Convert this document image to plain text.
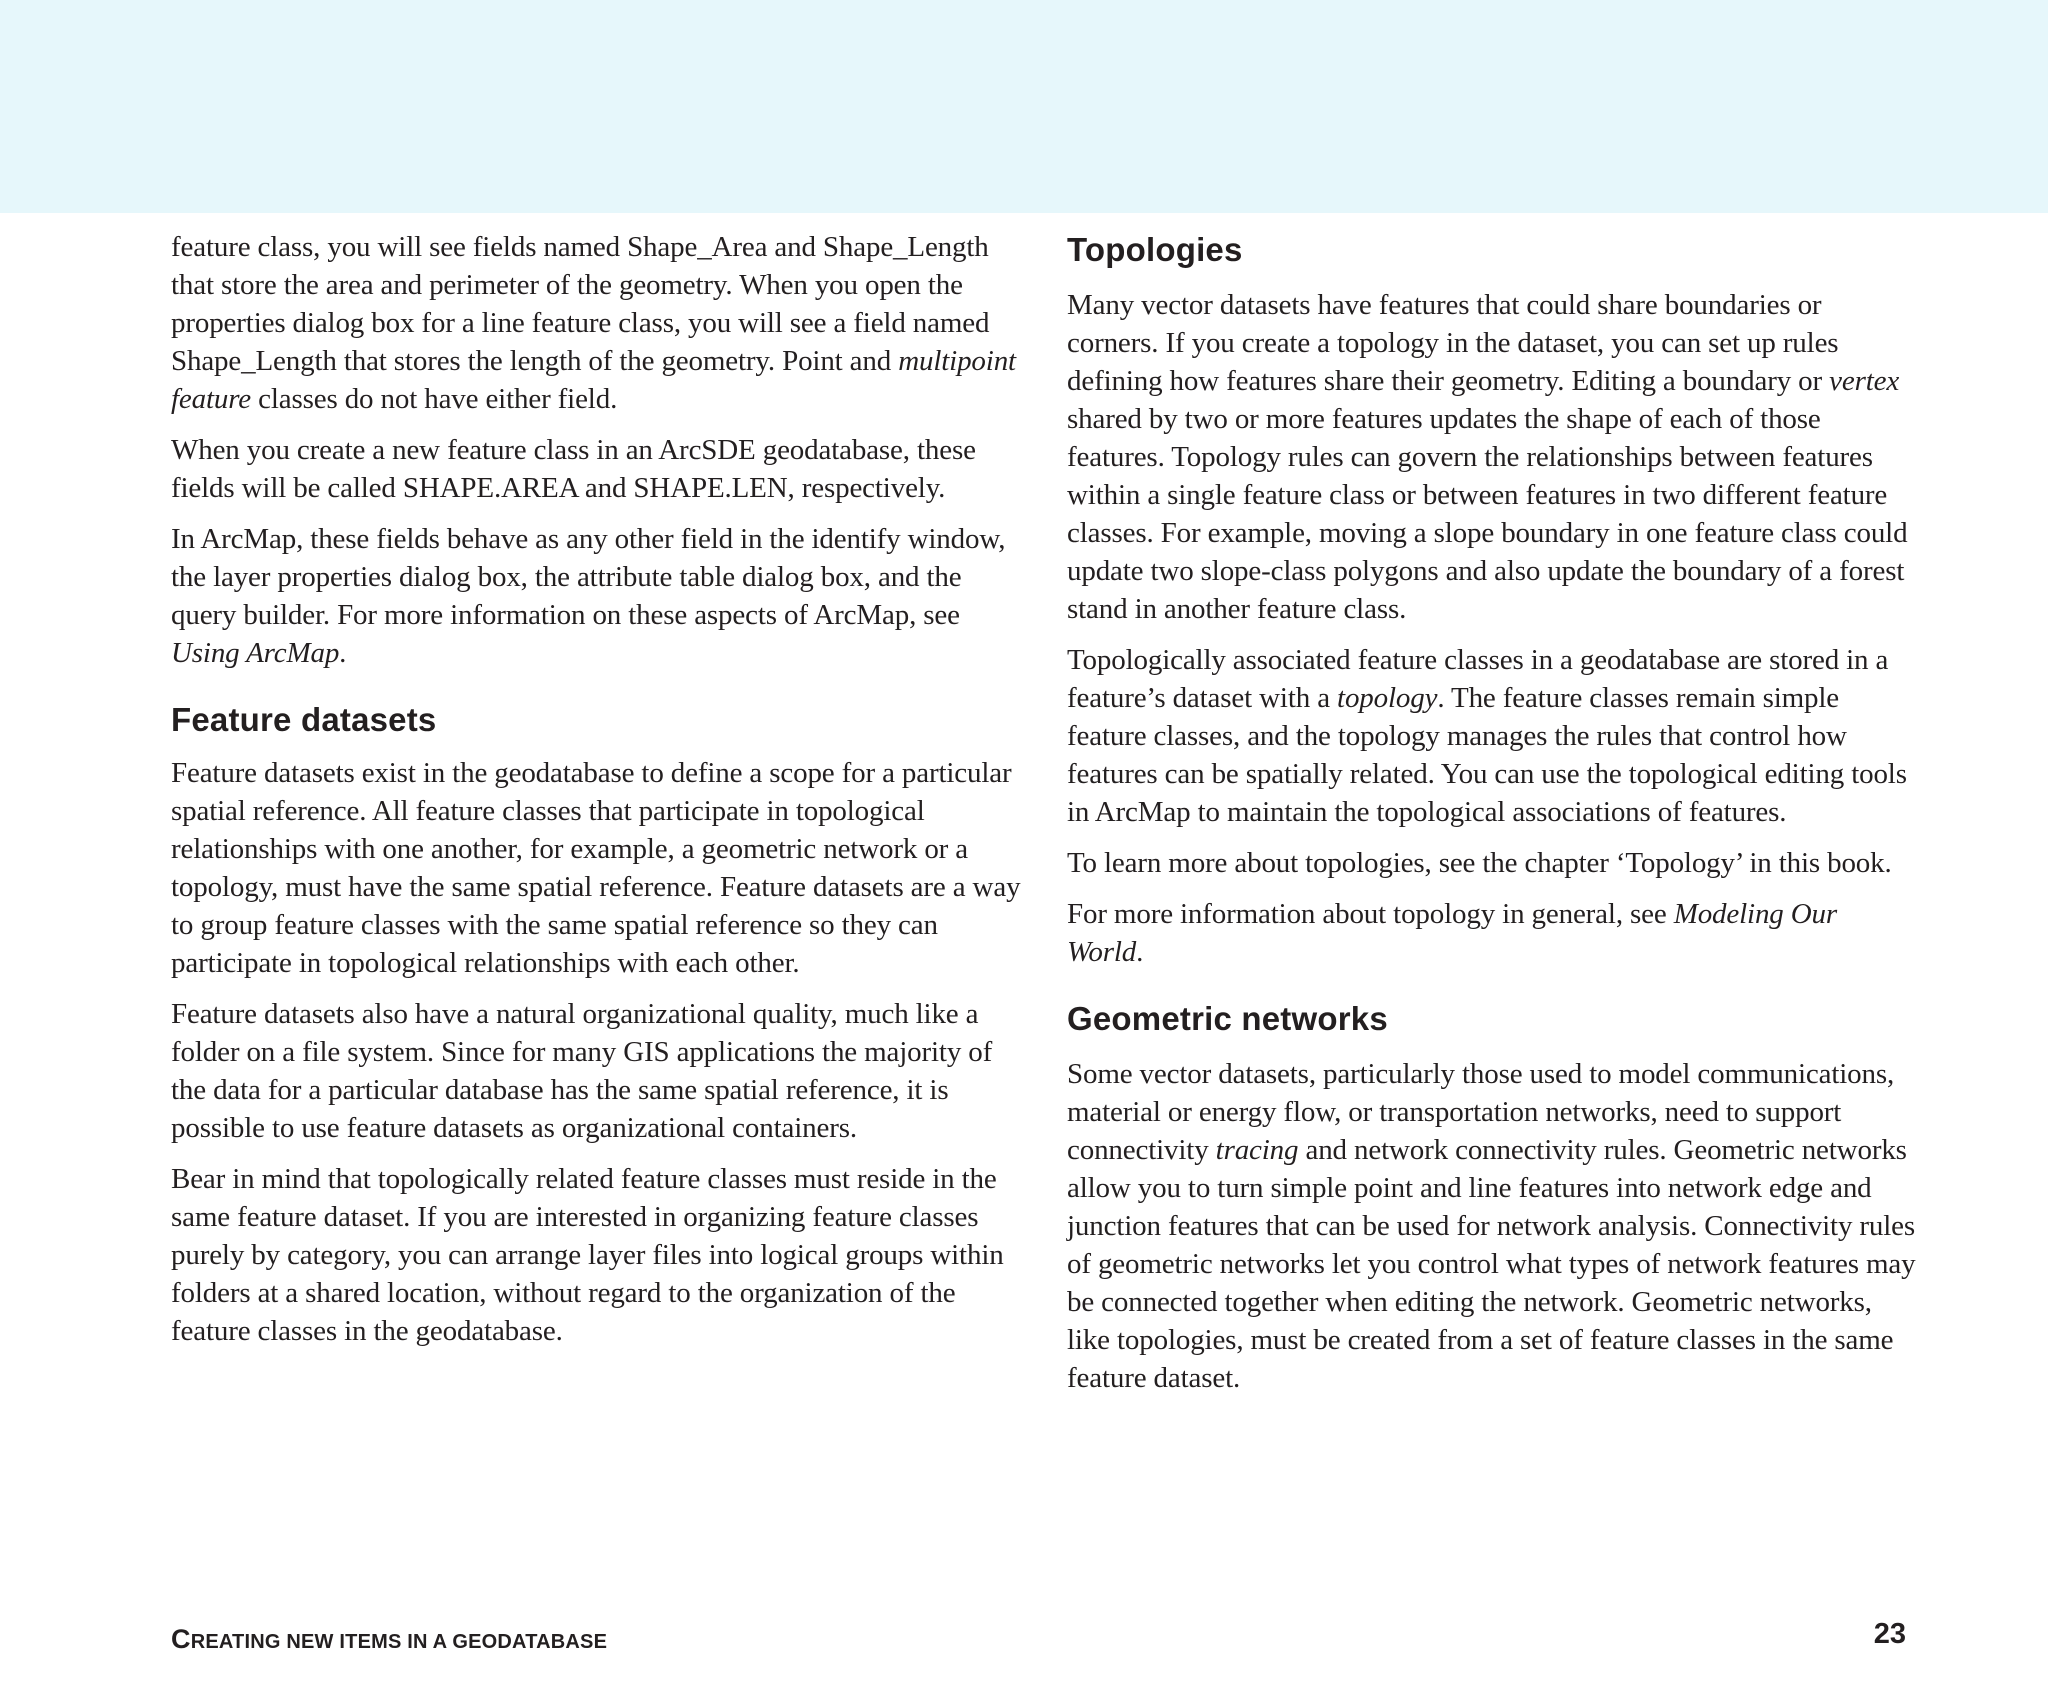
feature class, you will see fields named Shape_Area and Shape_Length that store the area and perimeter of the geometry. When you open the properties dialog box for a line feature class, you will see a field named Shape_Length that stores the length of the geometry. Point and multipoint feature classes do not have either field.

When you create a new feature class in an ArcSDE geodatabase, these fields will be called SHAPE.AREA and SHAPE.LEN, respectively.

In ArcMap, these fields behave as any other field in the identify window, the layer properties dialog box, the attribute table dialog box, and the query builder. For more information on these aspects of ArcMap, see Using ArcMap.

Feature datasets

Feature datasets exist in the geodatabase to define a scope for a particular spatial reference. All feature classes that participate in topological relationships with one another, for example, a geometric network or a topology, must have the same spatial reference. Feature datasets are a way to group feature classes with the same spatial reference so they can participate in topological relationships with each other.

Feature datasets also have a natural organizational quality, much like a folder on a file system. Since for many GIS applications the majority of the data for a particular database has the same spatial reference, it is possible to use feature datasets as organizational containers.

Bear in mind that topologically related feature classes must reside in the same feature dataset. If you are interested in organizing feature classes purely by category, you can arrange layer files into logical groups within folders at a shared location, without regard to the organization of the feature classes in the geodatabase.

Topologies

Many vector datasets have features that could share boundaries or corners. If you create a topology in the dataset, you can set up rules defining how features share their geometry. Editing a boundary or vertex shared by two or more features updates the shape of each of those features. Topology rules can govern the relationships between features within a single feature class or between features in two different feature classes. For example, moving a slope boundary in one feature class could update two slope-class polygons and also update the boundary of a forest stand in another feature class.

Topologically associated feature classes in a geodatabase are stored in a feature’s dataset with a topology. The feature classes remain simple feature classes, and the topology manages the rules that control how features can be spatially related. You can use the topological editing tools in ArcMap to maintain the topological associations of features.

To learn more about topologies, see the chapter ‘Topology’ in this book.

For more information about topology in general, see Modeling Our World.

Geometric networks

Some vector datasets, particularly those used to model communications, material or energy flow, or transportation networks, need to support connectivity tracing and network connectivity rules. Geometric networks allow you to turn simple point and line features into network edge and junction features that can be used for network analysis. Connectivity rules of geometric networks let you control what types of network features may be connected together when editing the network. Geometric networks, like topologies, must be created from a set of feature classes in the same feature dataset.

CREATING NEW ITEMS IN A GEODATABASE	23
